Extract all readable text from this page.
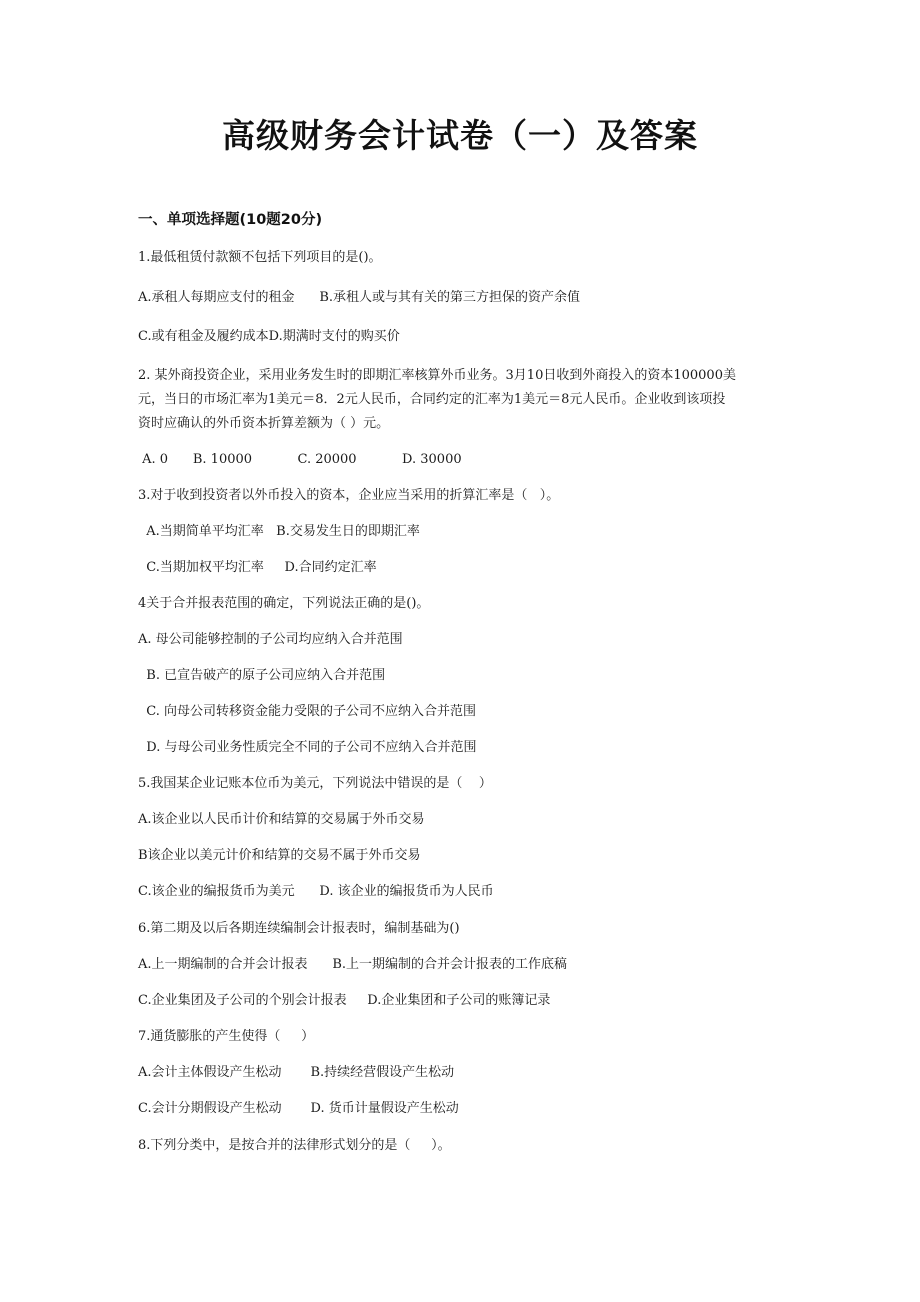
高级财务会计试卷（一）及答案
一、单项选择题(10题20分)

1.最低租赁付款额不包括下列项目的是()。

A.承租人每期应支付的租金      B.承租人或与其有关的第三方担保的资产余值

C.或有租金及履约成本D.期满时支付的购买价

2. 某外商投资企业，采用业务发生时的即期汇率核算外币业务。3月10日收到外商投入的资本100000美

元，当日的市场汇率为1美元＝8．2元人民币，合同约定的汇率为1美元＝8元人民币。企业收到该项投

资时应确认的外币资本折算差额为（ ）元。

A. 0      B. 10000           C. 20000           D. 30000

3.对于收到投资者以外币投入的资本，企业应当采用的折算汇率是（   ）。

A.当期简单平均汇率   B.交易发生日的即期汇率

C.当期加权平均汇率     D.合同约定汇率

4关于合并报表范围的确定，下列说法正确的是()。

A. 母公司能够控制的子公司均应纳入合并范围

B. 已宣告破产的原子公司应纳入合并范围

C. 向母公司转移资金能力受限的子公司不应纳入合并范围

D. 与母公司业务性质完全不同的子公司不应纳入合并范围

5.我国某企业记账本位币为美元，下列说法中错误的是（    ）

A.该企业以人民币计价和结算的交易属于外币交易

B该企业以美元计价和结算的交易不属于外币交易

C.该企业的编报货币为美元      D. 该企业的编报货币为人民币

6.第二期及以后各期连续编制会计报表时，编制基础为()

A.上一期编制的合并会计报表      B.上一期编制的合并会计报表的工作底稿

C.企业集团及子公司的个别会计报表     D.企业集团和子公司的账簿记录

7.通货膨胀的产生使得（     ）

A.会计主体假设产生松动       B.持续经营假设产生松动

C.会计分期假设产生松动       D. 货币计量假设产生松动

8.下列分类中，是按合并的法律形式划分的是（     ）。
